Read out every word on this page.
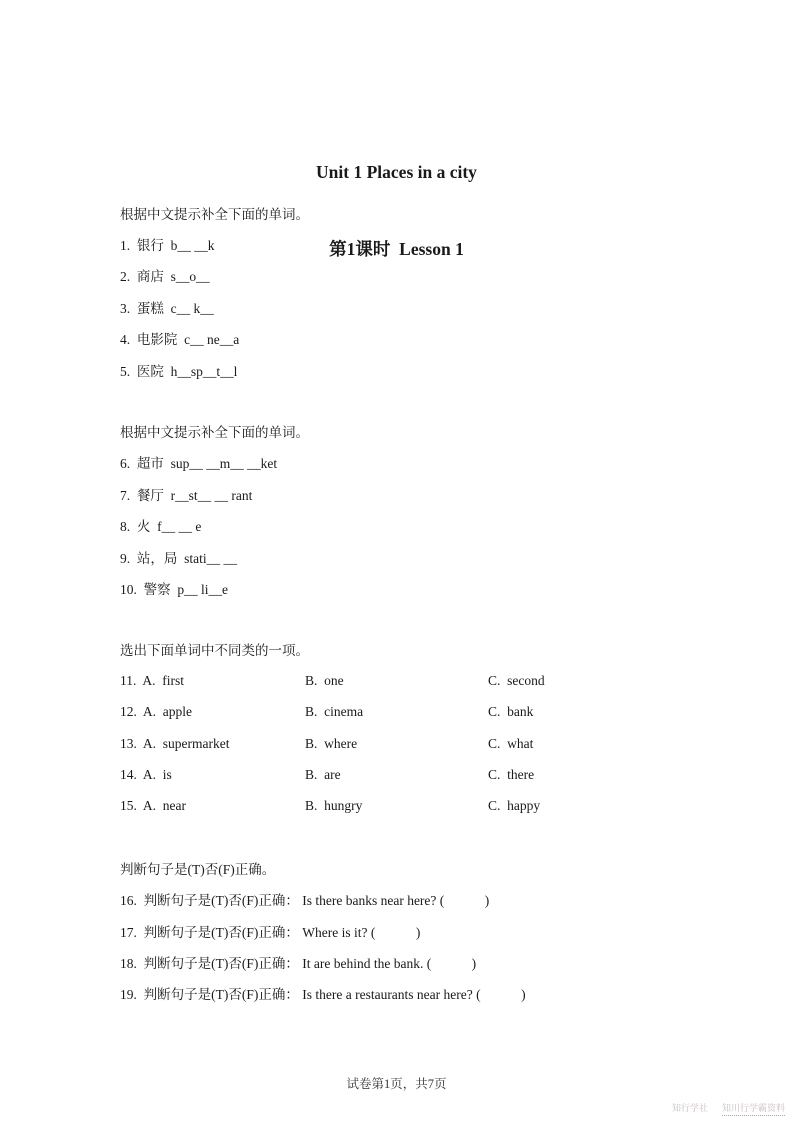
Unit 1 Places in a city

第1课时  Lesson 1

根据中文提示补全下面的单词。
1.  银行  b__ __k
2.  商店  s__o__
3.  蛋糕  c__ k__
4.  电影院  c__ ne__a
5.  医院  h__sp__t__l
根据中文提示补全下面的单词。
6.  超市  sup__ __m__ __ket
7.  餐厅  r__st__ __ rant
8.  火  f__ __ e
9.  站，局  stati__ __
10.  警察  p__ li__e
选出下面单词中不同类的一项。
11.  A.  first	B.  one	C.  second
12.  A.  apple	B.  cinema	C.  bank
13.  A.  supermarket	B.  where	C.  what
14.  A.  is	B.  are	C.  there
15.  A.  near	B.  hungry	C.  happy
判断句子是(T)否(F)正确。
16.  判断句子是(T)否(F)正确： Is there banks near here? (            )
17.  判断句子是(T)否(F)正确： Where is it? (            )
18.  判断句子是(T)否(F)正确： It are behind the bank. (            )
19.  判断句子是(T)否(F)正确： Is there a restaurants near here? (            )
试卷第1页，共7页
知行学社 知川行学霸资料
